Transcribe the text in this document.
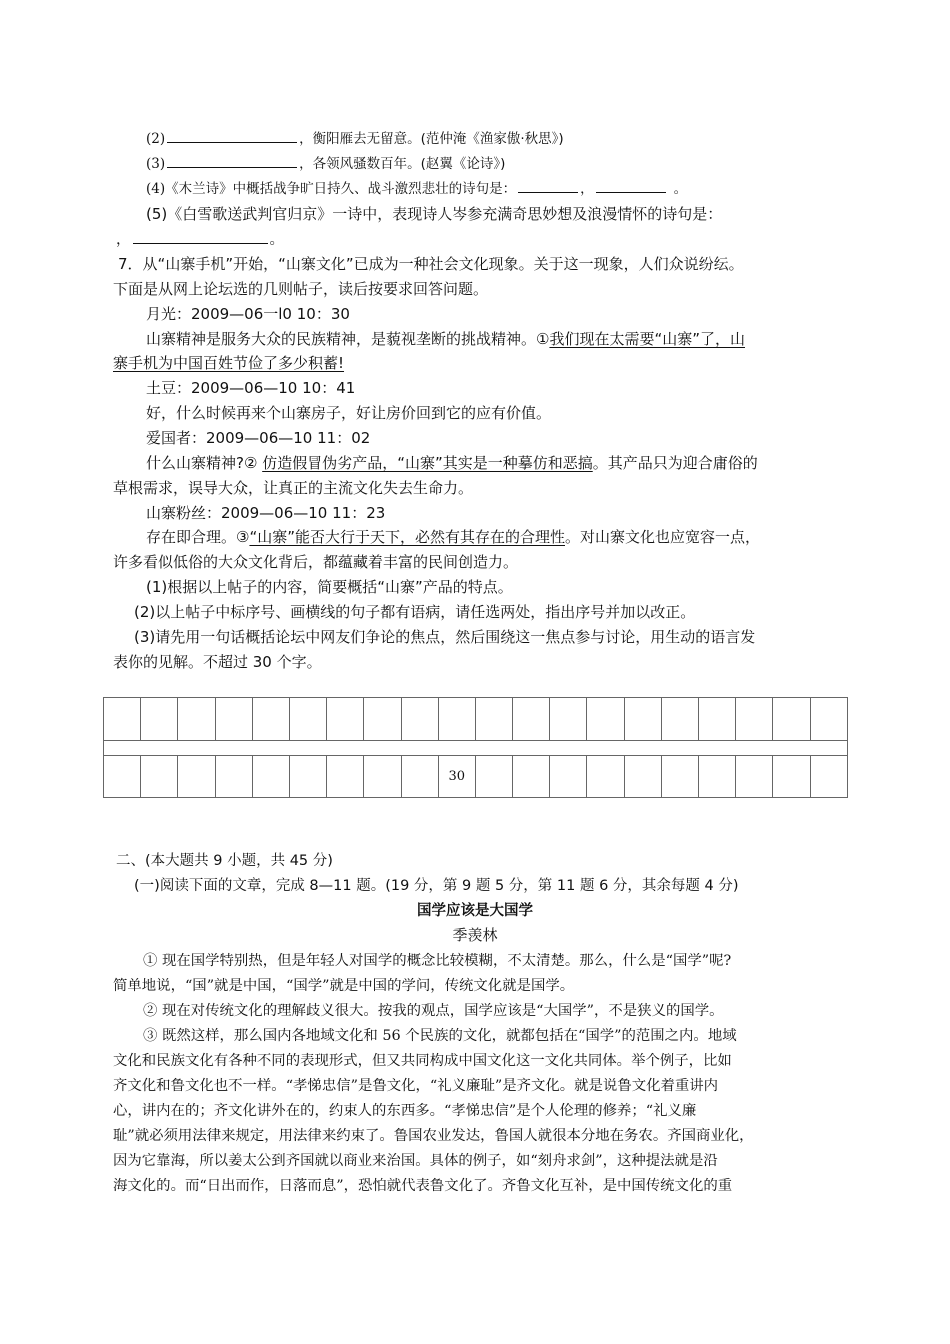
(2)	，衡阳雁去无留意。(范仲淹《渔家傲·秋思》)
(3)	，各领风骚数百年。(赵翼《论诗》)
(4)《木兰诗》中概括战争旷日持久、战斗激烈悲壮的诗句是：	，	。
(5)《白雪歌送武判官归京》一诗中，表现诗人岑参充满奇思妙想及浪漫情怀的诗句是：
，	。
7．从“山寨手机”开始，“山寨文化”已成为一种社会文化现象。关于这一现象，人们众说纷纭。
下面是从网上论坛选的几则帖子，读后按要求回答问题。
月光：2009—06一l0 10：30
山寨精神是服务大众的民族精神，是藐视垄断的挑战精神。①我们现在太需要“山寨”了，山
寨手机为中国百姓节俭了多少积蓄!
土豆：2009—06—10 10：41
好，什么时候再来个山寨房子，好让房价回到它的应有价值。
爱国者：2009—06—10 11：02
什么山寨精神?② 仿造假冒伪劣产品，“山寨”其实是一种摹仿和恶搞。其产品只为迎合庸俗的
草根需求，误导大众，让真正的主流文化失去生命力。
山寨粉丝：2009—06—10 11：23
存在即合理。③“山寨”能否大行于天下，必然有其存在的合理性。对山寨文化也应宽容一点，
许多看似低俗的大众文化背后，都蕴藏着丰富的民间创造力。
(1)根据以上帖子的内容，简要概括“山寨”产品的特点。
(2)以上帖子中标序号、画横线的句子都有语病，请任选两处，指出序号并加以改正。
(3)请先用一句话概括论坛中网友们争论的焦点，然后围绕这一焦点参与讨论，用生动的语言发
表你的见解。不超过 30 个字。

									30										
二、(本大题共 9 小题，共 45 分)
(一)阅读下面的文章，完成 8—11 题。(19 分，第 9 题 5 分，第 11 题 6 分，其余每题 4 分)
国学应该是大国学
季羡林
① 现在国学特别热，但是年轻人对国学的概念比较模糊，不太清楚。那么，什么是“国学”呢?
简单地说，“国”就是中国，“国学”就是中国的学问，传统文化就是国学。
② 现在对传统文化的理解歧义很大。按我的观点，国学应该是“大国学”，不是狭义的国学。
③ 既然这样，那么国内各地域文化和 56 个民族的文化，就都包括在“国学”的范围之内。地域
文化和民族文化有各种不同的表现形式，但又共同构成中国文化这一文化共同体。举个例子，比如
齐文化和鲁文化也不一样。“孝悌忠信”是鲁文化，“礼义廉耻”是齐文化。就是说鲁文化着重讲内
心，讲内在的；齐文化讲外在的，约束人的东西多。“孝悌忠信”是个人伦理的修养；“礼义廉
耻”就必须用法律来规定，用法律来约束了。鲁国农业发达，鲁国人就很本分地在务农。齐国商业化，
因为它靠海，所以姜太公到齐国就以商业来治国。具体的例子，如“刻舟求剑”，这种提法就是沿
海文化的。而“日出而作，日落而息”，恐怕就代表鲁文化了。齐鲁文化互补，是中国传统文化的重
